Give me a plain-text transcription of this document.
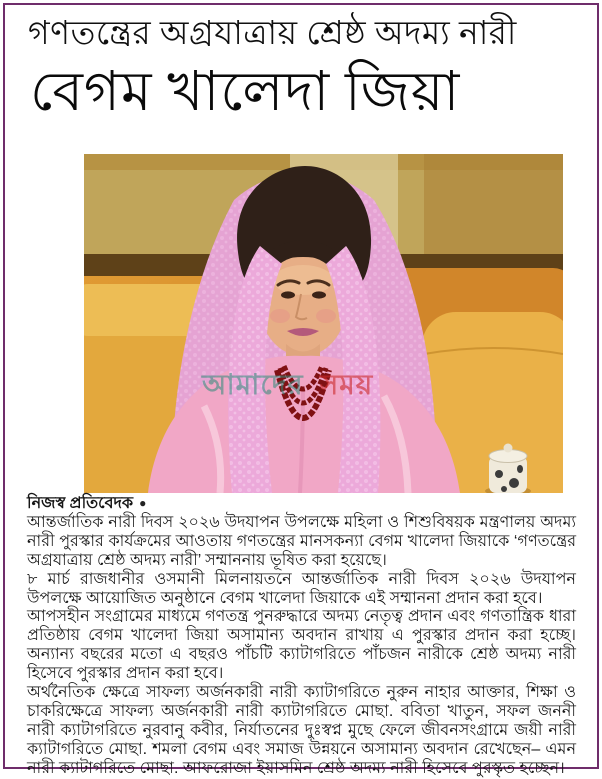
গণতন্ত্রের অগ্রযাত্রায় শ্রেষ্ঠ অদম্য নারী
বেগম খালেদা জিয়া
আমাদের সময়

নিজস্ব প্রতিবেদক ●

আন্তর্জাতিক নারী দিবস ২০২৬ উদযাপন উপলক্ষে মহিলা ও শিশুবিষয়ক মন্ত্রণালয় অদম্য নারী পুরস্কার কার্যক্রমের আওতায় গণতন্ত্রের মানসকন্যা বেগম খালেদা জিয়াকে ‘গণতন্ত্রের অগ্রযাত্রায় শ্রেষ্ঠ অদম্য নারী’ সম্মাননায় ভূষিত করা হয়েছে।

৮ মার্চ রাজধানীর ওসমানী মিলনায়তনে আন্তর্জাতিক নারী দিবস ২০২৬ উদযাপন উপলক্ষে আয়োজিত অনুষ্ঠানে বেগম খালেদা জিয়াকে এই সম্মাননা প্রদান করা হবে।

আপসহীন সংগ্রামের মাধ্যমে গণতন্ত্র পুনরুদ্ধারে অদম্য নেতৃত্ব প্রদান এবং গণতান্ত্রিক ধারা প্রতিষ্ঠায় বেগম খালেদা জিয়া অসামান্য অবদান রাখায় এ পুরস্কার প্রদান করা হচ্ছে। অন্যান্য বছরের মতো এ বছরও পাঁচটি ক্যাটাগরিতে পাঁচজন নারীকে শ্রেষ্ঠ অদম্য নারী হিসেবে পুরস্কার প্রদান করা হবে।

অর্থনৈতিক ক্ষেত্রে সাফল্য অর্জনকারী নারী ক্যাটাগরিতে নুরুন নাহার আক্তার, শিক্ষা ও চাকরিক্ষেত্রে সাফল্য অর্জনকারী নারী ক্যাটাগরিতে মোছা. ববিতা খাতুন, সফল জননী নারী ক্যাটাগরিতে নুরবানু কবীর, নির্যাতনের দুঃস্বপ্ন মুছে ফেলে জীবনসংগ্রামে জয়ী নারী ক্যাটাগরিতে মোছা. শমলা বেগম এবং সমাজ উন্নয়নে অসামান্য অবদান রেখেছেন– এমন নারী ক্যাটাগরিতে মোছা. আফরোজা ইয়াসমিন শ্রেষ্ঠ অদম্য নারী হিসেবে পুরস্কৃত হচ্ছেন।
